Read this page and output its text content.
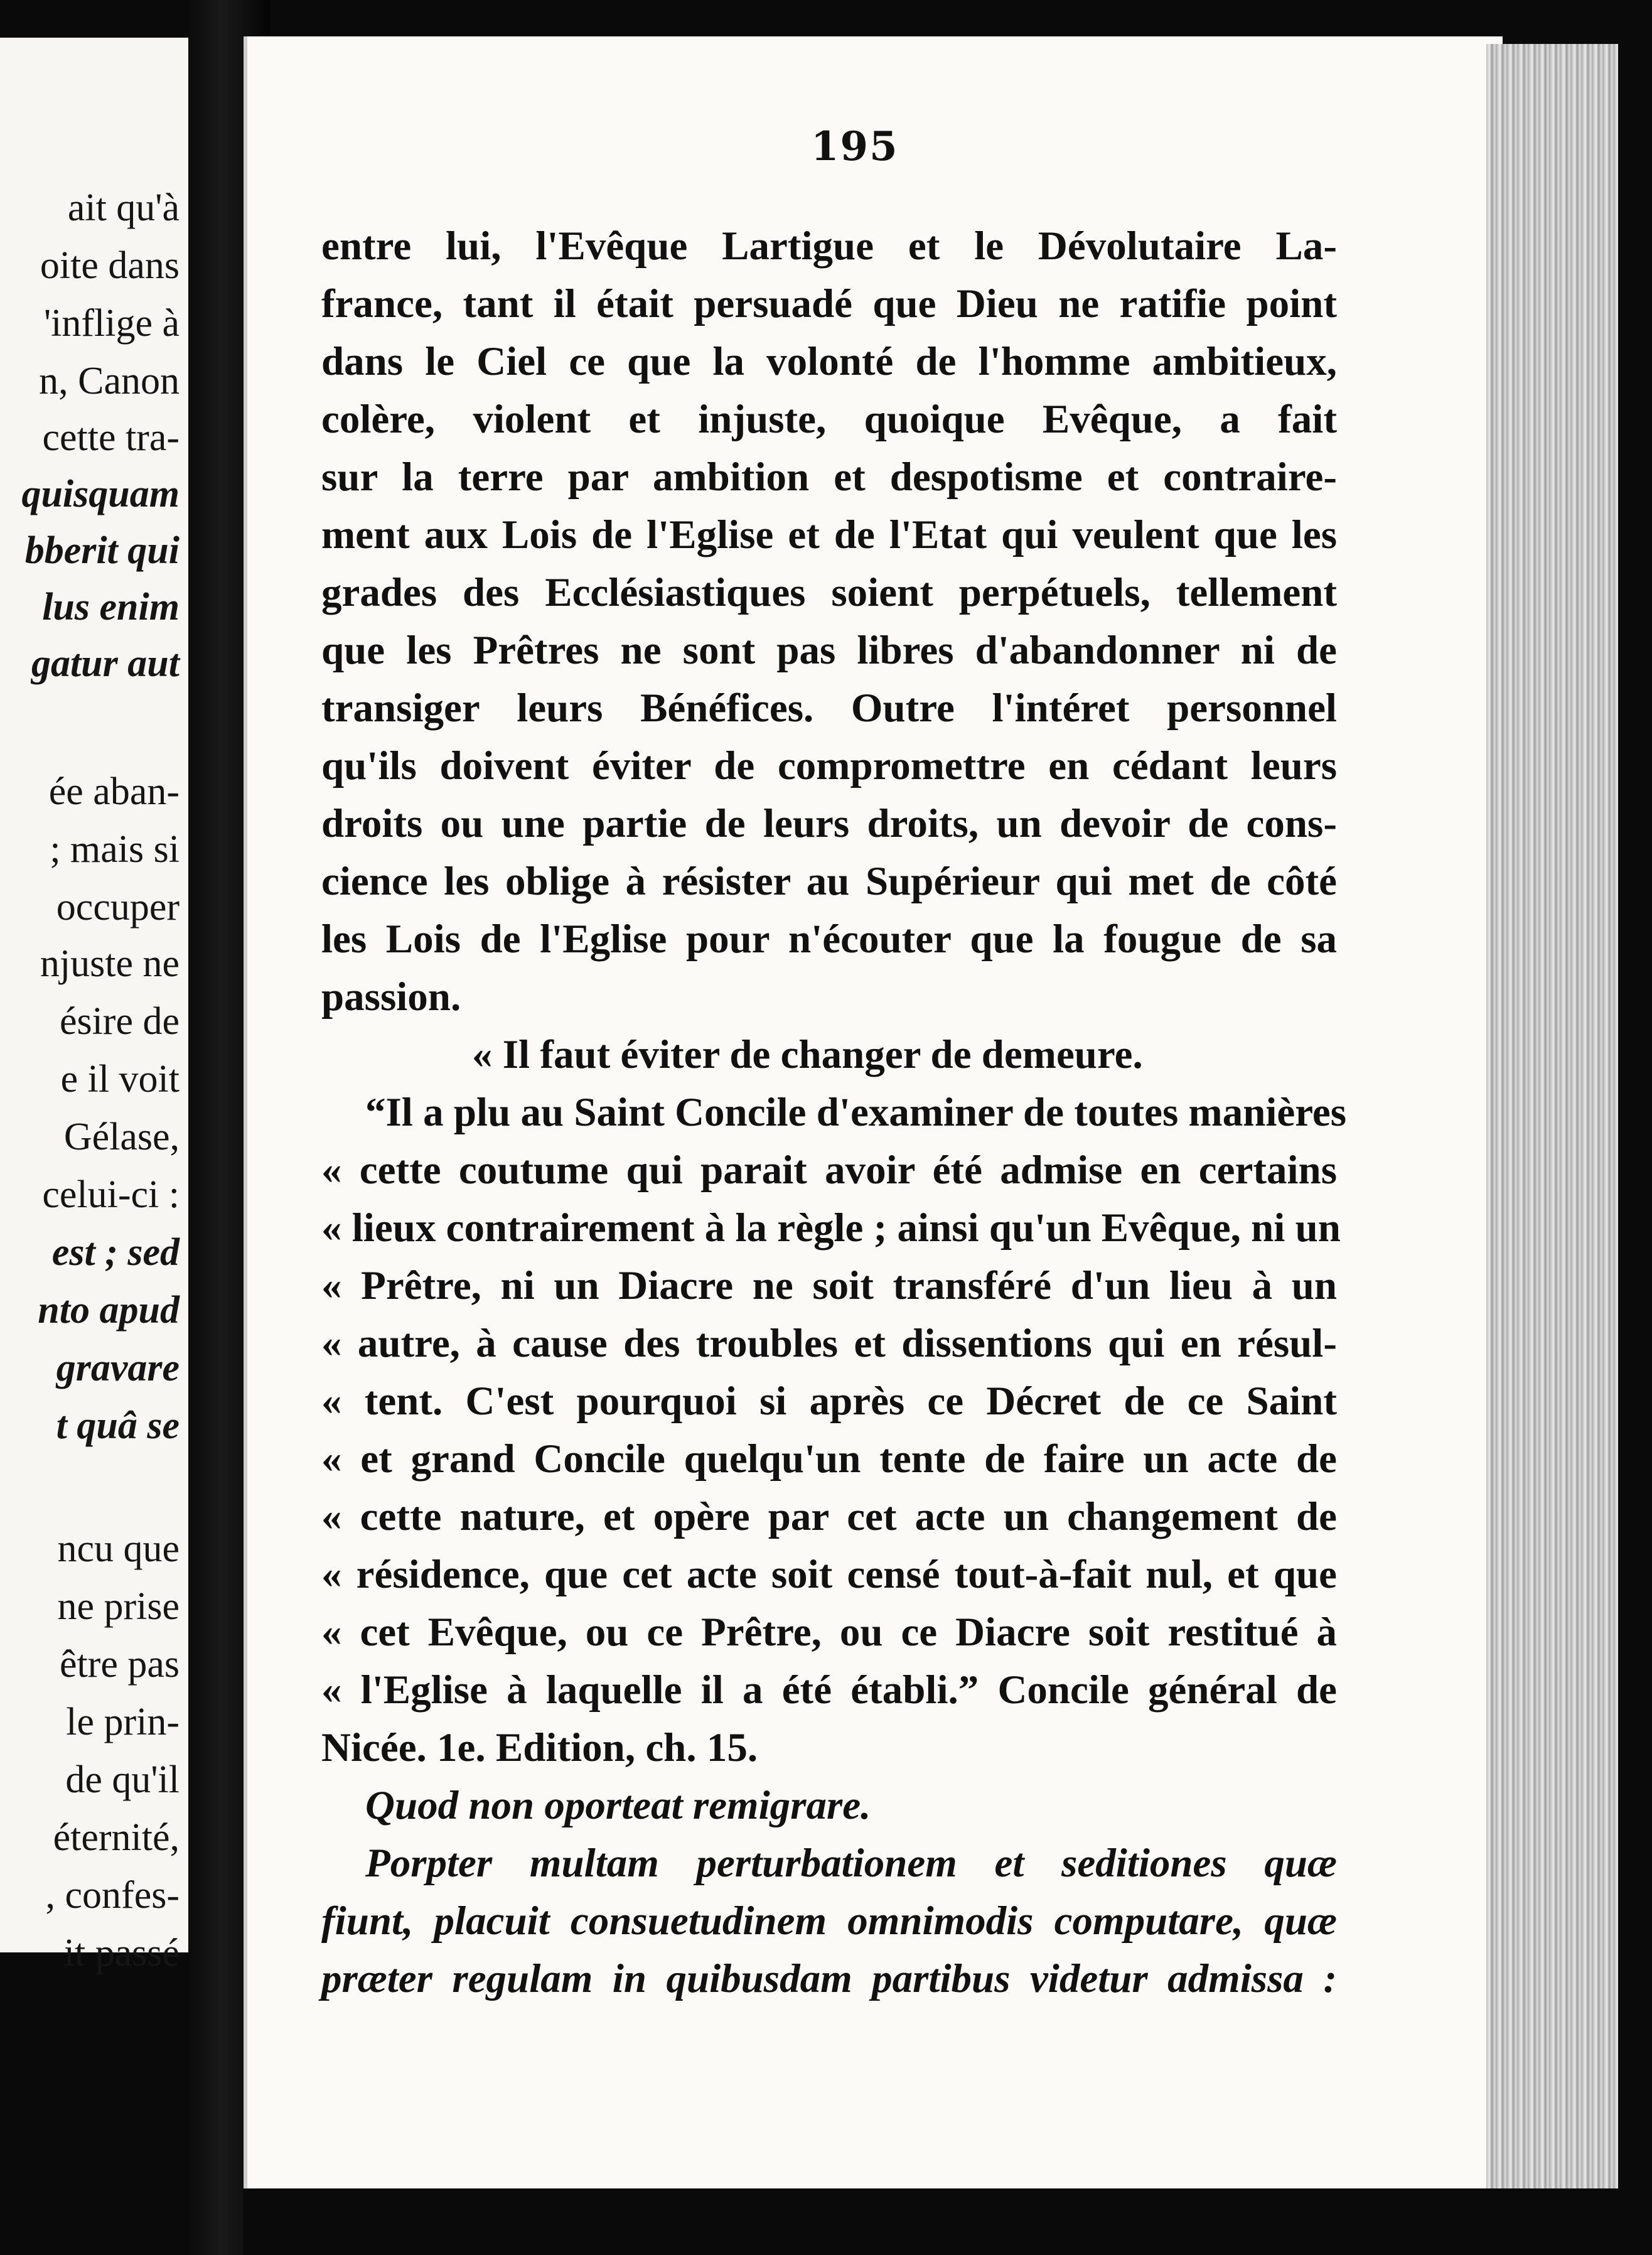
ait qu'à
oite dans
'inflige à
n, Canon
cette tra-
quisquam
bberit qui
lus enim
gatur aut
ée aban-
; mais si
occuper
njuste ne
ésire de
e il voit
Gélase,
celui-ci :
est ; sed
nto apud
gravare
t quâ se
ncu que
ne prise
être pas
le prin-
de qu'il
éternité,
, confes-
it passé
195
entre lui, l'Evêque Lartigue et le Dévolutaire La-
france, tant il était persuadé que Dieu ne ratifie point
dans le Ciel ce que la volonté de l'homme ambitieux,
colère, violent et injuste, quoique Evêque, a fait
sur la terre par ambition et despotisme et contraire-
ment aux Lois de l'Eglise et de l'Etat qui veulent que les
grades des Ecclésiastiques soient perpétuels, tellement
que les Prêtres ne sont pas libres d'abandonner ni de
transiger leurs Bénéfices. Outre l'intéret personnel
qu'ils doivent éviter de compromettre en cédant leurs
droits ou une partie de leurs droits, un devoir de cons-
cience les oblige à résister au Supérieur qui met de côté
les Lois de l'Eglise pour n'écouter que la fougue de sa
passion.
« Il faut éviter de changer de demeure.
“Il a plu au Saint Concile d'examiner de toutes manières
« cette coutume qui parait avoir été admise en certains
« lieux contrairement à la règle ; ainsi qu'un Evêque, ni un
« Prêtre, ni un Diacre ne soit transféré d'un lieu à un
« autre, à cause des troubles et dissentions qui en résul-
« tent. C'est pourquoi si après ce Décret de ce Saint
« et grand Concile quelqu'un tente de faire un acte de
« cette nature, et opère par cet acte un changement de
« résidence, que cet acte soit censé tout-à-fait nul, et que
« cet Evêque, ou ce Prêtre, ou ce Diacre soit restitué à
« l'Eglise à laquelle il a été établi.” Concile général de
Nicée. 1e. Edition, ch. 15.
Quod non oporteat remigrare.
Porpter multam perturbationem et seditiones quæ
fiunt, placuit consuetudinem omnimodis computare, quæ
præter regulam in quibusdam partibus videtur admissa :
